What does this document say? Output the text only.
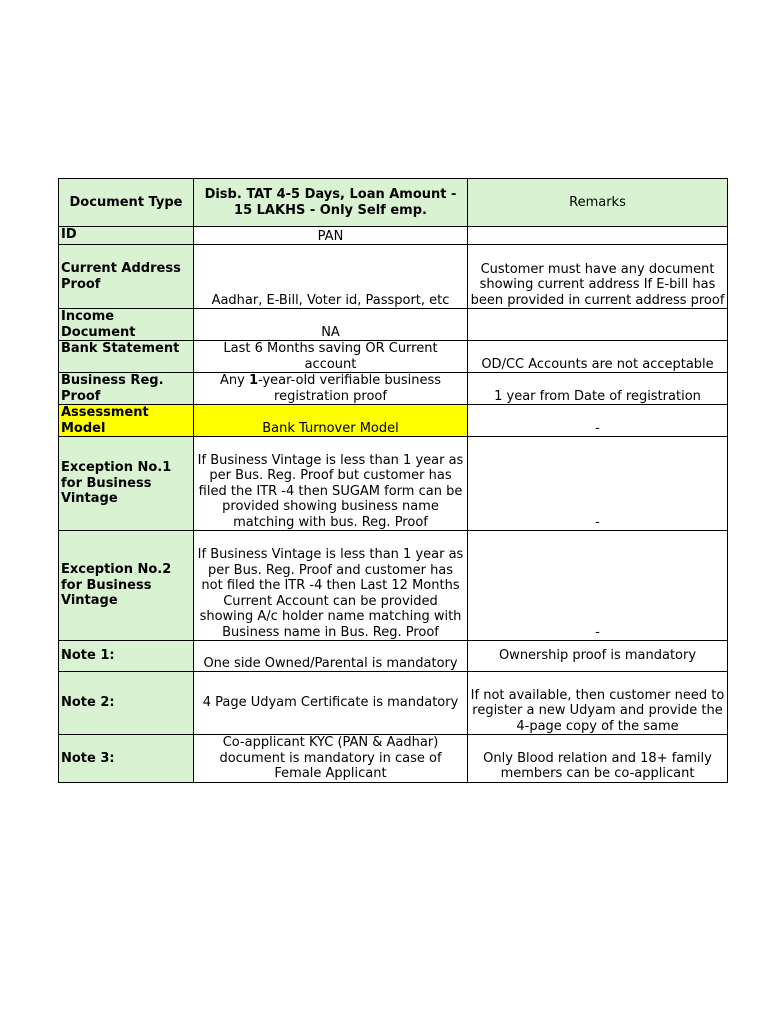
Document Type	Disb. TAT 4-5 Days, Loan Amount - 15 LAKHS - Only Self emp.	Remarks
ID	PAN	
Current Address Proof	Aadhar, E-Bill, Voter id, Passport, etc	Customer must have any document showing current address If E-bill has been provided in current address proof
Income Document	NA	
Bank Statement	Last 6 Months saving OR Current account	OD/CC Accounts are not acceptable
Business Reg. Proof	Any 1-year-old verifiable business registration proof	1 year from Date of registration
Assessment Model	Bank Turnover Model	-
Exception No.1 for Business Vintage	If Business Vintage is less than 1 year as per Bus. Reg. Proof but customer has filed the ITR -4 then SUGAM form can be provided showing business name matching with bus. Reg. Proof	-
Exception No.2 for Business Vintage	If Business Vintage is less than 1 year as per Bus. Reg. Proof and customer has not filed the ITR -4 then Last 12 Months Current Account can be provided showing A/c holder name matching with Business name in Bus. Reg. Proof	-
Note 1:	One side Owned/Parental is mandatory	Ownership proof is mandatory
Note 2:	4 Page Udyam Certificate is mandatory	If not available, then customer need to register a new Udyam and provide the 4-page copy of the same
Note 3:	Co-applicant KYC (PAN & Aadhar) document is mandatory in case of Female Applicant	Only Blood relation and 18+ family members can be co-applicant
